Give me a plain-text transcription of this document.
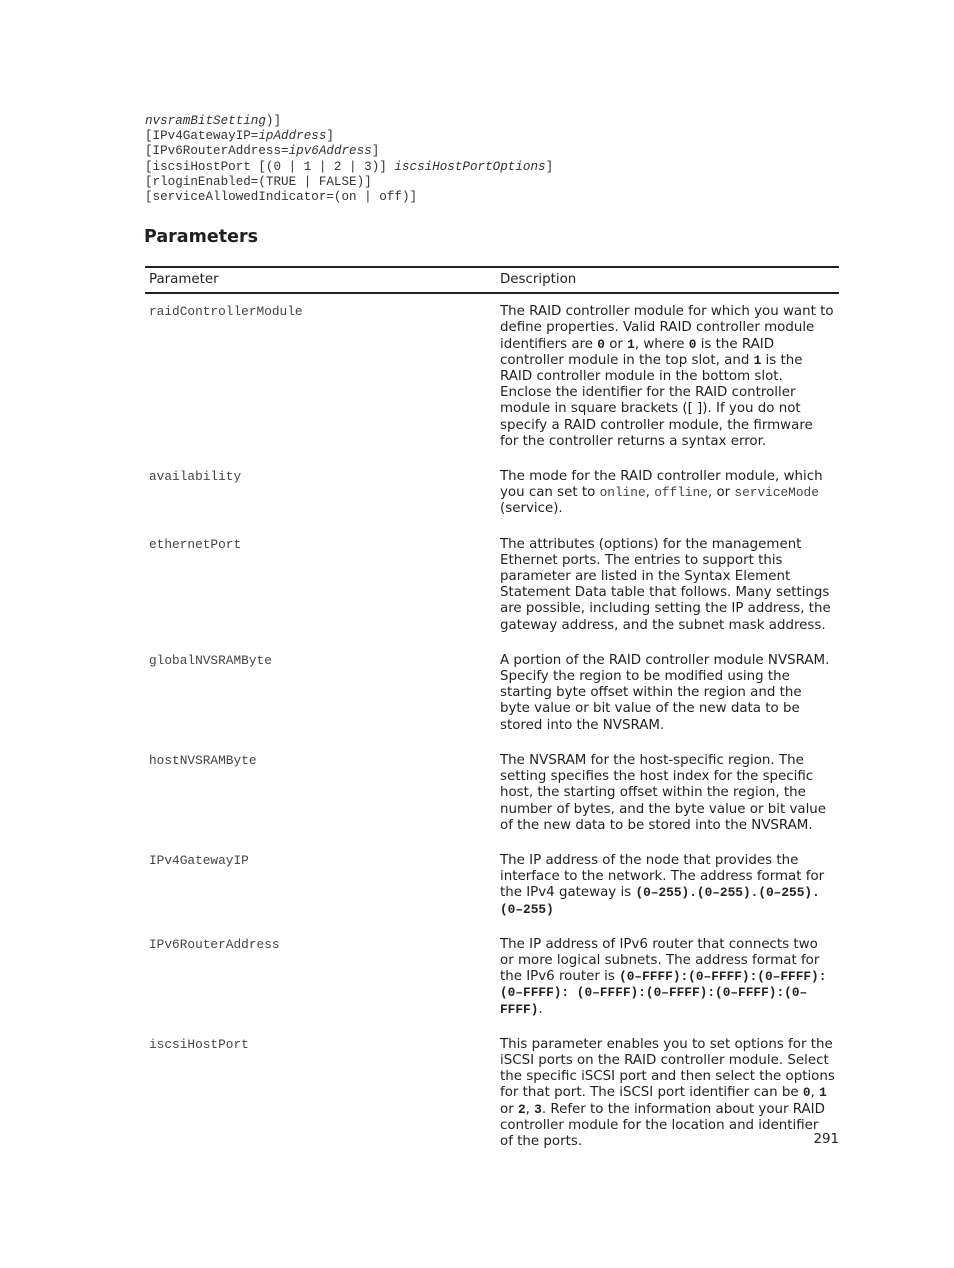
nvsramBitSetting)]
[IPv4GatewayIP=ipAddress]
[IPv6RouterAddress=ipv6Address]
[iscsiHostPort [(0 | 1 | 2 | 3)] iscsiHostPortOptions]
[rloginEnabled=(TRUE | FALSE)]
[serviceAllowedIndicator=(on | off)]
Parameters
Parameter	Description
raidControllerModule	The RAID controller module for which you want to define properties. Valid RAID controller module identifiers are 0 or 1, where 0 is the RAID controller module in the top slot, and 1 is the RAID controller module in the bottom slot. Enclose the identifier for the RAID controller module in square brackets ([ ]). If you do not specify a RAID controller module, the firmware for the controller returns a syntax error.
availability	The mode for the RAID controller module, which you can set to online, offline, or serviceMode (service).
ethernetPort	The attributes (options) for the management Ethernet ports. The entries to support this parameter are listed in the Syntax Element Statement Data table that follows. Many settings are possible, including setting the IP address, the gateway address, and the subnet mask address.
globalNVSRAMByte	A portion of the RAID controller module NVSRAM. Specify the region to be modified using the starting byte offset within the region and the byte value or bit value of the new data to be stored into the NVSRAM.
hostNVSRAMByte	The NVSRAM for the host-specific region. The setting specifies the host index for the specific host, the starting offset within the region, the number of bytes, and the byte value or bit value of the new data to be stored into the NVSRAM.
IPv4GatewayIP	The IP address of the node that provides the interface to the network. The address format for the IPv4 gateway is (0–255).(0–255).(0–255).(0–255)
IPv6RouterAddress	The IP address of IPv6 router that connects two or more logical subnets. The address format for the IPv6 router is (0–FFFF):(0–FFFF):(0–FFFF):(0–FFFF): (0–FFFF):(0–FFFF):(0–FFFF):(0–FFFF).
iscsiHostPort	This parameter enables you to set options for the iSCSI ports on the RAID controller module. Select the specific iSCSI port and then select the options for that port. The iSCSI port identifier can be 0, 1 or 2, 3. Refer to the information about your RAID controller module for the location and identifier of the ports.	291
